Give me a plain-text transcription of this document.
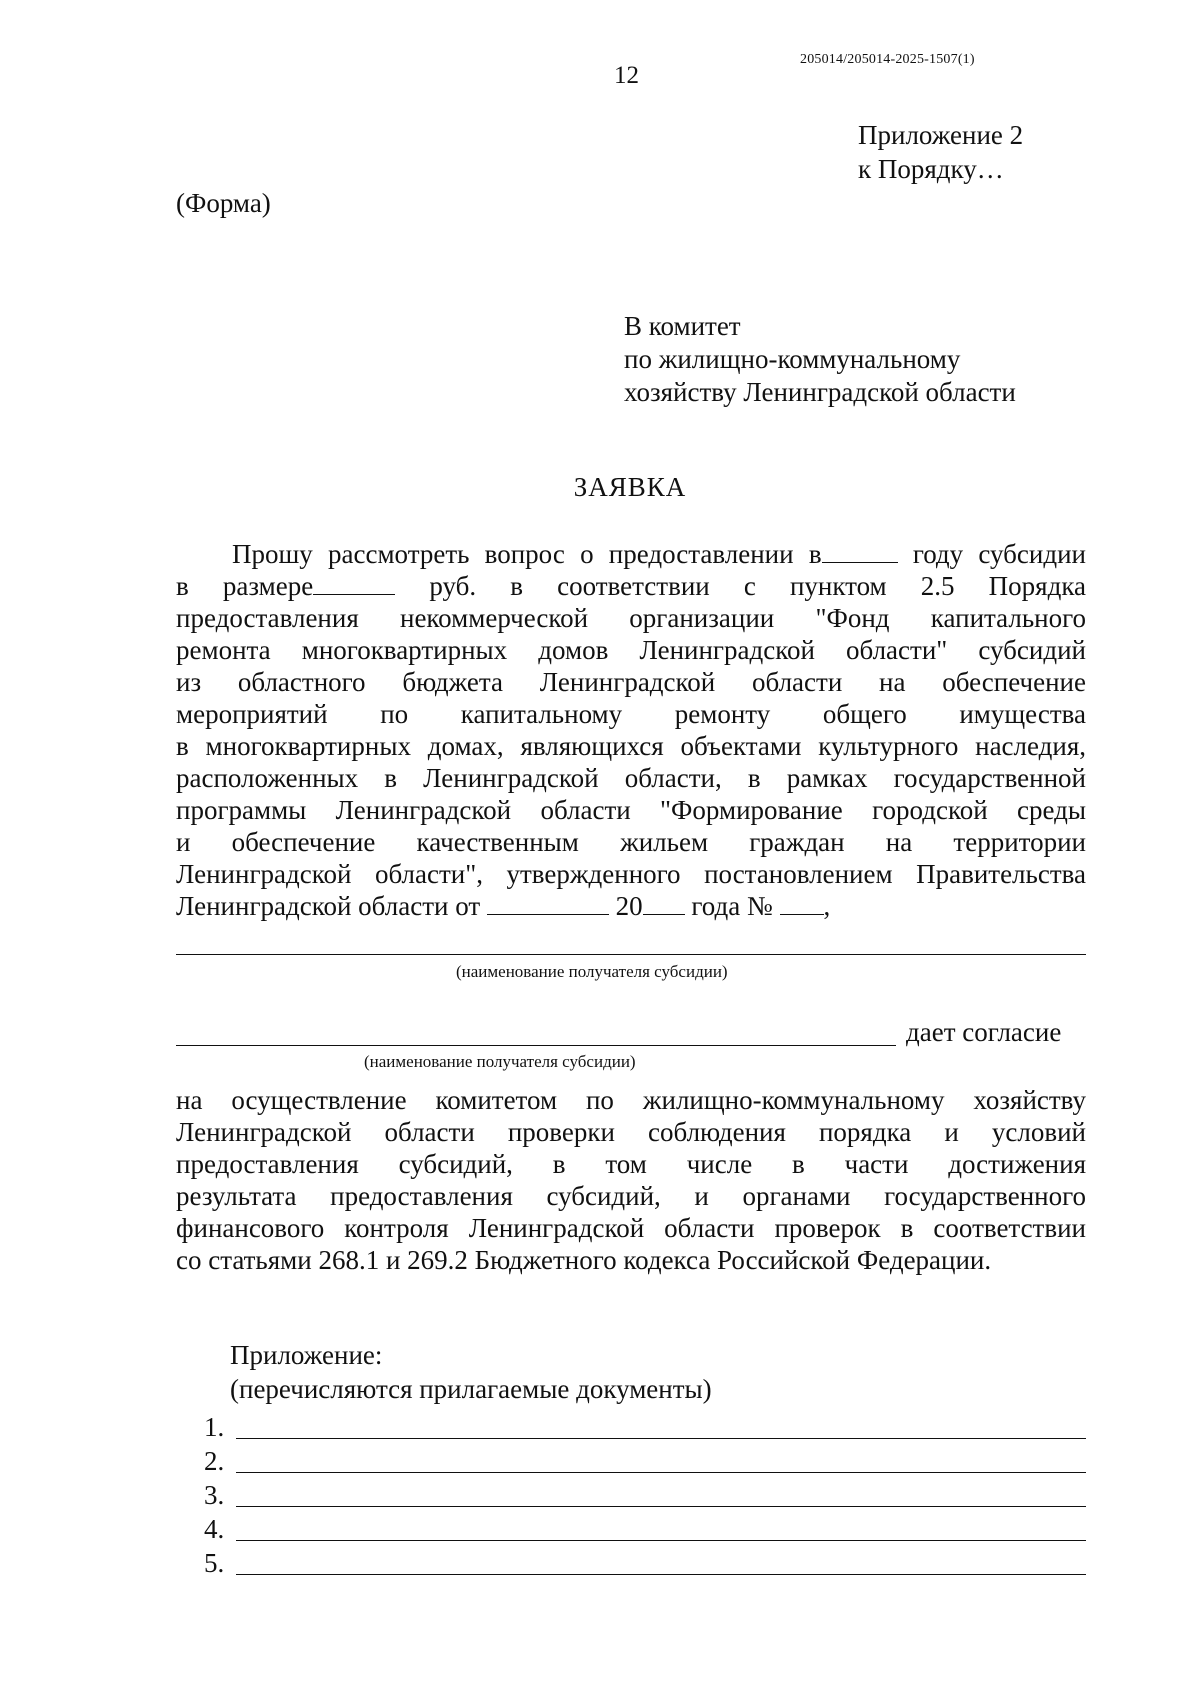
205014/205014-2025-1507(1)
12
Приложение 2
к Порядку…
(Форма)
В комитет
по жилищно-коммунальному
хозяйству Ленинградской области
ЗАЯВКА
Прошу рассмотреть вопрос о предоставлении в	году субсидии
в размере	руб. в соответствии с пунктом 2.5 Порядка
предоставления некоммерческой организации "Фонд капитального
ремонта многоквартирных домов Ленинградской области" субсидий
из областного бюджета Ленинградской области на обеспечение
мероприятий по капитальному ремонту общего имущества
в многоквартирных домах, являющихся объектами культурного наследия,
расположенных в Ленинградской области, в рамках государственной
программы Ленинградской области "Формирование городской среды
и обеспечение качественным жильем граждан на территории
Ленинградской области", утвержденного постановлением Правительства
Ленинградской области от	20 года № ,
(наименование получателя субсидии)
дает согласие
(наименование получателя субсидии)
на осуществление комитетом по жилищно-коммунальному хозяйству
Ленинградской области проверки соблюдения порядка и условий
предоставления субсидий, в том числе в части достижения
результата предоставления субсидий, и органами государственного
финансового контроля Ленинградской области проверок в соответствии
со статьями 268.1 и 269.2 Бюджетного кодекса Российской Федерации.
Приложение:
(перечисляются прилагаемые документы)
1.
2.
3.
4.
5.
